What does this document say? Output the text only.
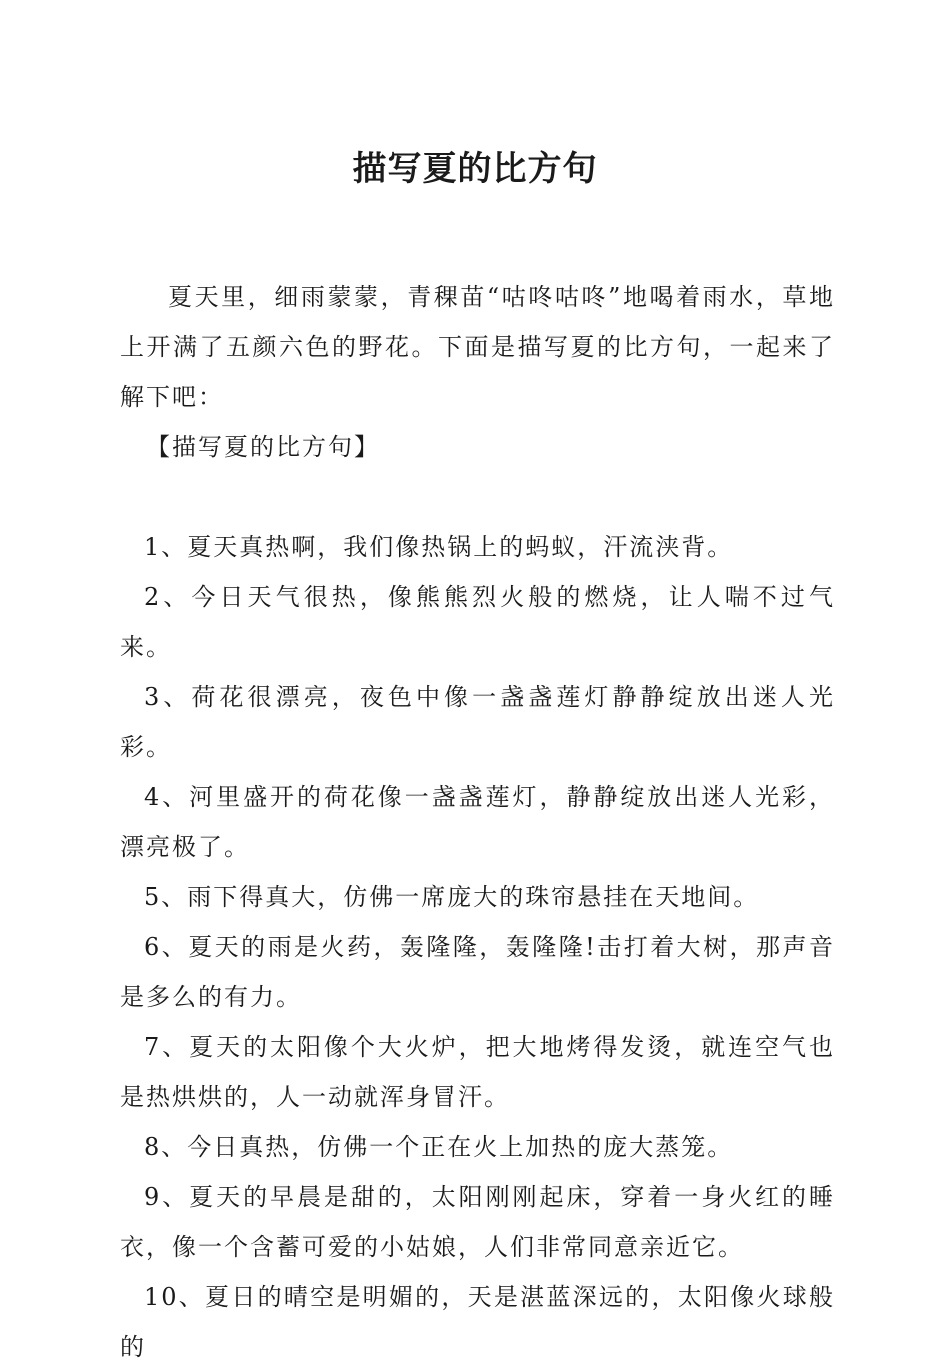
描写夏的比方句

夏天里，细雨蒙蒙，青稞苗“咕咚咕咚”地喝着雨水，草地上开满了五颜六色的野花。下面是描写夏的比方句，一起来了解下吧：

【描写夏的比方句】

1、夏天真热啊，我们像热锅上的蚂蚁，汗流浃背。

2、今日天气很热，像熊熊烈火般的燃烧，让人喘不过气来。

3、荷花很漂亮，夜色中像一盏盏莲灯静静绽放出迷人光彩。

4、河里盛开的荷花像一盏盏莲灯，静静绽放出迷人光彩，漂亮极了。

5、雨下得真大，仿佛一席庞大的珠帘悬挂在天地间。

6、夏天的雨是火药，轰隆隆，轰隆隆!击打着大树，那声音是多么的有力。

7、夏天的太阳像个大火炉，把大地烤得发烫，就连空气也是热烘烘的，人一动就浑身冒汗。

8、今日真热，仿佛一个正在火上加热的庞大蒸笼。

9、夏天的早晨是甜的，太阳刚刚起床，穿着一身火红的睡衣，像一个含蓄可爱的小姑娘，人们非常同意亲近它。

10、夏日的晴空是明媚的，天是湛蓝深远的，太阳像火球般的
